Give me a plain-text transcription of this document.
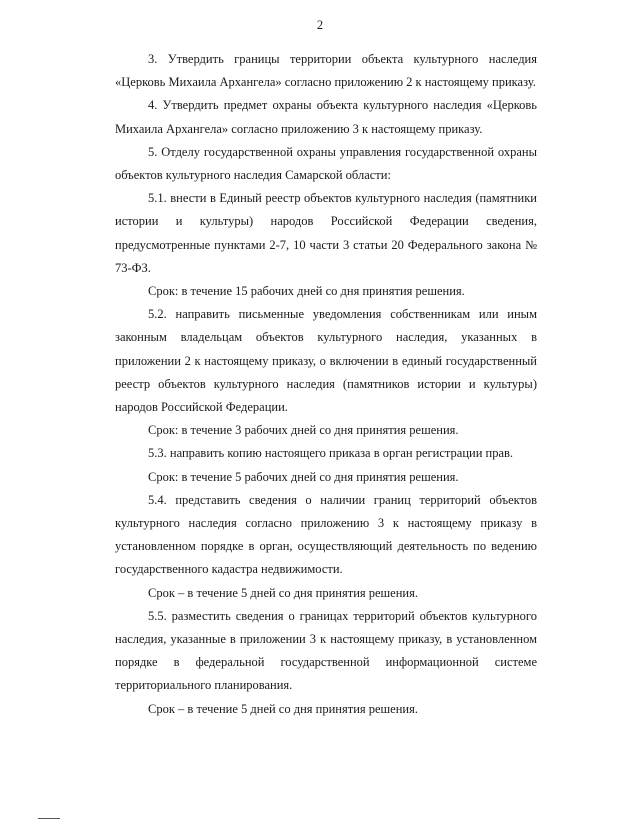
2

3. Утвердить границы территории объекта культурного наследия «Церковь Михаила Архангела» согласно приложению 2 к настоящему приказу.

4. Утвердить предмет охраны объекта культурного наследия «Церковь Михаила Архангела» согласно приложению 3 к настоящему приказу.

5. Отделу государственной охраны управления государственной охраны объектов культурного наследия Самарской области:

5.1. внести в Единый реестр объектов культурного наследия (памятники истории и культуры) народов Российской Федерации сведения, предусмотренные пунктами 2-7, 10 части 3 статьи 20 Федерального закона № 73-ФЗ.

Срок: в течение 15 рабочих дней со дня принятия решения.

5.2. направить письменные уведомления собственникам или иным законным владельцам объектов культурного наследия, указанных в приложении 2 к настоящему приказу, о включении в единый государственный реестр объектов культурного наследия (памятников истории и культуры) народов Российской Федерации.

Срок: в течение 3 рабочих дней со дня принятия решения.

5.3. направить копию настоящего приказа в орган регистрации прав.

Срок: в течение 5 рабочих дней со дня принятия решения.

5.4. представить сведения о наличии границ территорий объектов культурного наследия согласно приложению 3 к настоящему приказу в установленном порядке в орган, осуществляющий деятельность по ведению государственного кадастра недвижимости.

Срок – в течение 5 дней со дня принятия решения.

5.5. разместить сведения о границах территорий объектов культурного наследия, указанные в приложении 3 к настоящему приказу, в установленном порядке в федеральной государственной информационной системе территориального планирования.

Срок – в течение 5 дней со дня принятия решения.
